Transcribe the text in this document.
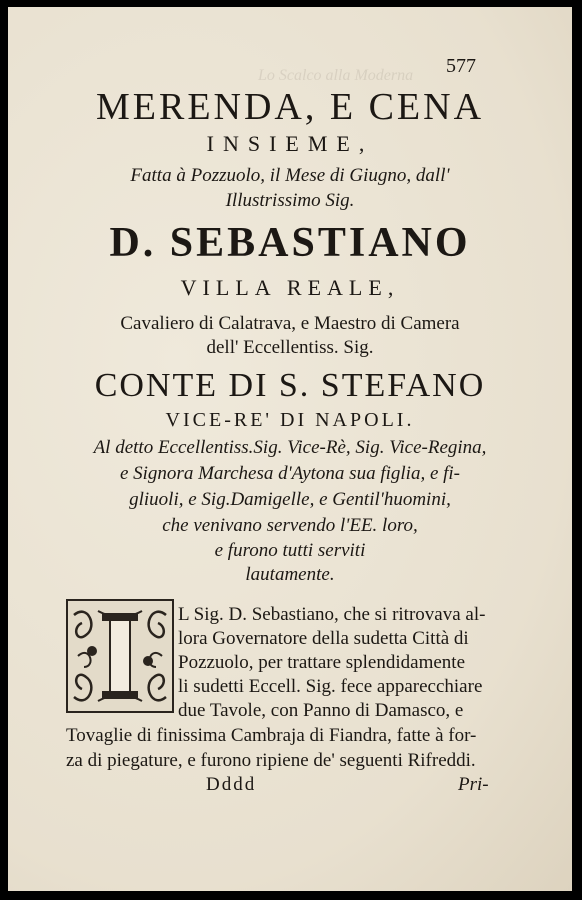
Lo Scalco alla Moderna 577
MERENDA, E CENA
INSIEME,
Fatta à Pozzuolo, il Mese di Giugno, dall'
Illustrissimo Sig.
D. SEBASTIANO
VILLA REALE,
Cavaliero di Calatrava, e Maestro di Camera
dell' Eccellentiss. Sig.
CONTE DI S. STEFANO
VICE-RE' DI NAPOLI.
Al detto Eccellentiss.Sig. Vice-Rè, Sig. Vice-Regina,
e Signora Marchesa d'Aytona sua figlia, e fi-
gliuoli, e Sig.Damigelle, e Gentil'huomini,
che venivano servendo l'EE. loro,
e furono tutti serviti
lautamente.
L Sig. D. Sebastiano, che si ritrovava al-
lora Governatore della sudetta Città di
Pozzuolo, per trattare splendidamente
li sudetti Eccell. Sig. fece apparecchiare
due Tavole, con Panno di Damasco, e
Tovaglie di finissima Cambraja di Fiandra, fatte à for-
za di piegature, e furono ripiene de' seguenti Rifreddi.
Dddd	Pri-
